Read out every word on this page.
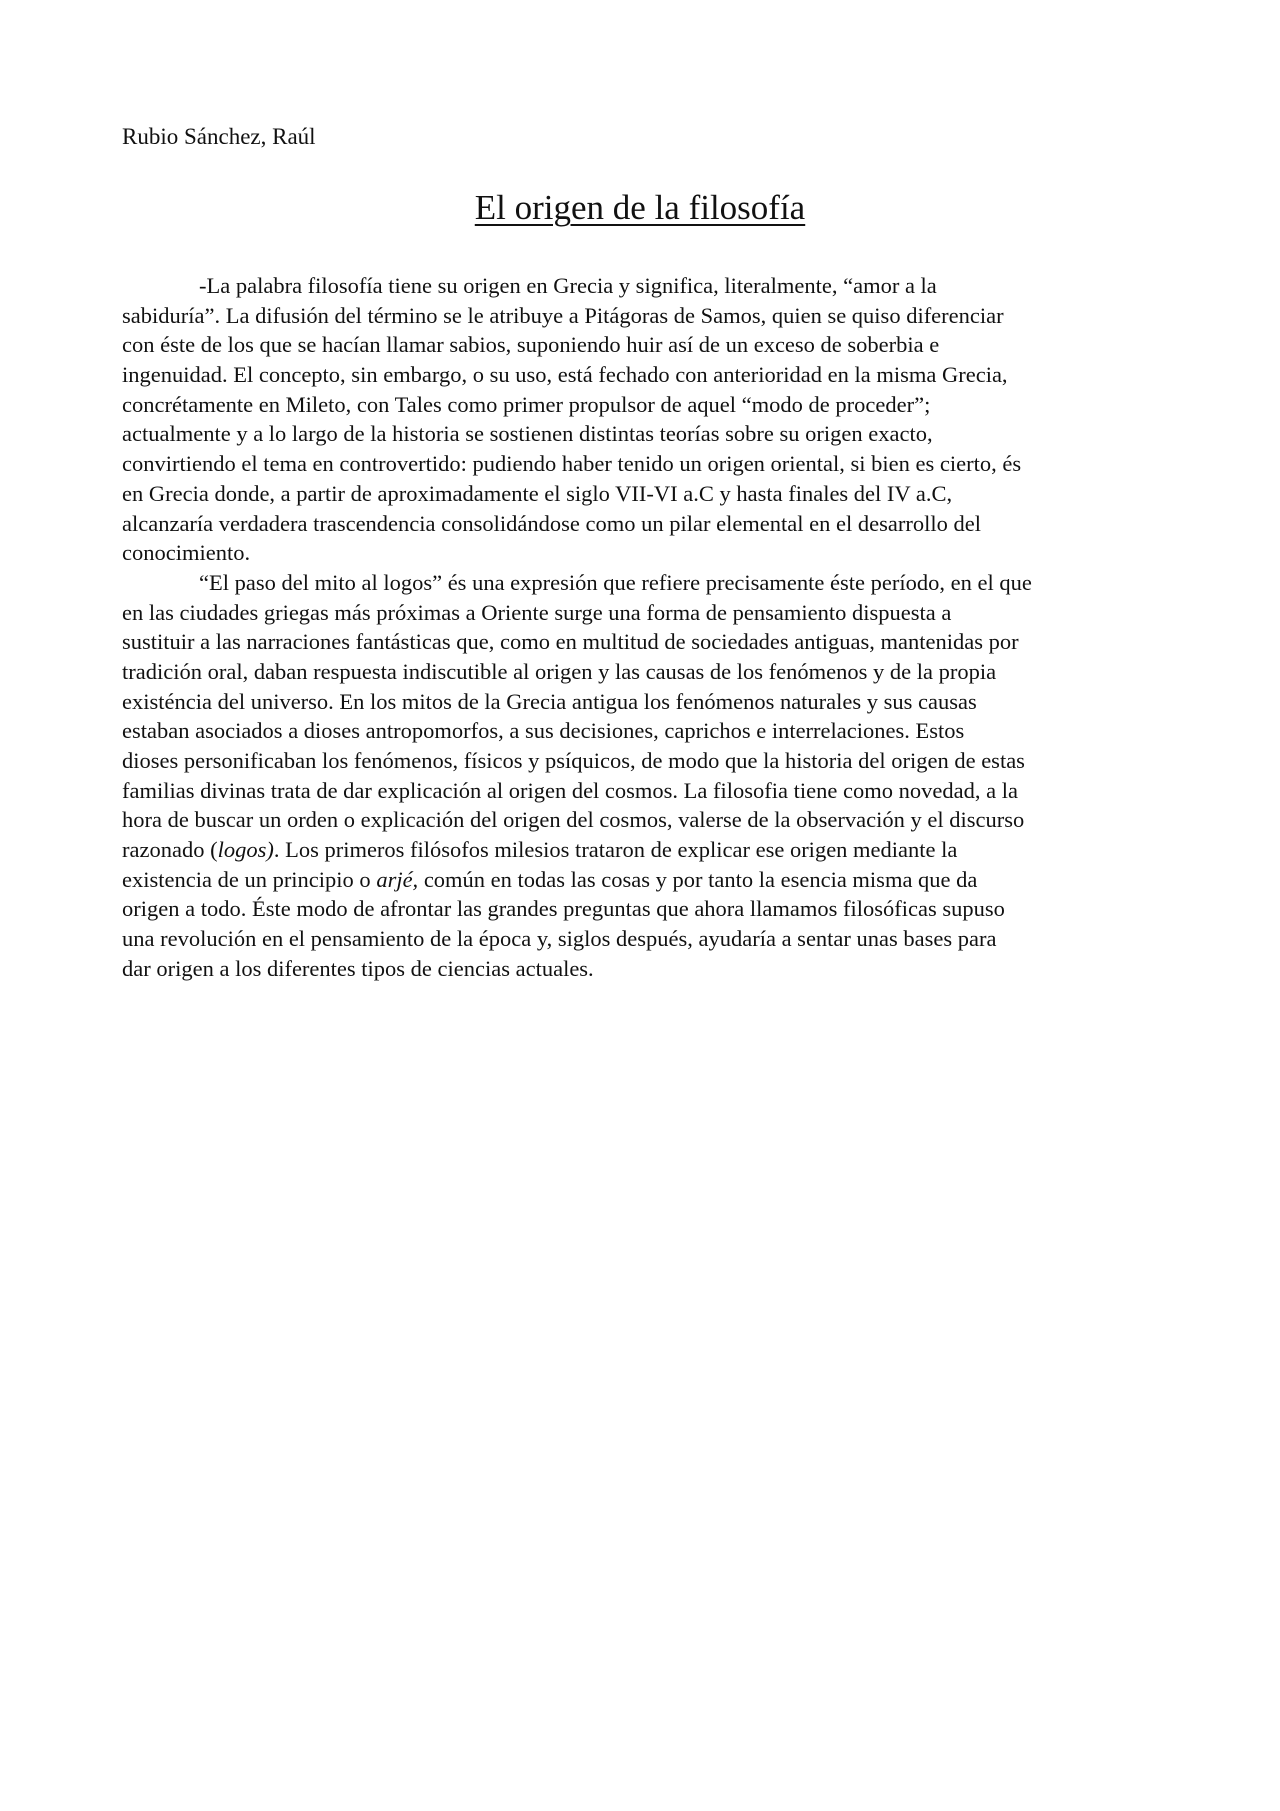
Rubio Sánchez, Raúl
El origen de la filosofía
-La palabra filosofía tiene su origen en Grecia y significa, literalmente, “amor a la
sabiduría”. La difusión del término se le atribuye a Pitágoras de Samos, quien se quiso diferenciar
con éste de los que se hacían llamar sabios, suponiendo huir así de un exceso de soberbia e
ingenuidad. El concepto, sin embargo, o su uso, está fechado con anterioridad en la misma Grecia,
concrétamente en Mileto, con Tales como primer propulsor de aquel “modo de proceder”;
actualmente y a lo largo de la historia se sostienen distintas teorías sobre su origen exacto,
convirtiendo el tema en controvertido: pudiendo haber tenido un origen oriental, si bien es cierto, és
en Grecia donde, a partir de aproximadamente el siglo VII-VI a.C y hasta finales del IV a.C,
alcanzaría verdadera trascendencia consolidándose como un pilar elemental en el desarrollo del
conocimiento.
“El paso del mito al logos” és una expresión que refiere precisamente éste período, en el que
en las ciudades griegas más próximas a Oriente surge una forma de pensamiento dispuesta a
sustituir a las narraciones fantásticas que, como en multitud de sociedades antiguas, mantenidas por
tradición oral, daban respuesta indiscutible al origen y las causas de los fenómenos y de la propia
existéncia del universo. En los mitos de la Grecia antigua los fenómenos naturales y sus causas
estaban asociados a dioses antropomorfos, a sus decisiones, caprichos e interrelaciones. Estos
dioses personificaban los fenómenos, físicos y psíquicos, de modo que la historia del origen de estas
familias divinas trata de dar explicación al origen del cosmos. La filosofia tiene como novedad, a la
hora de buscar un orden o explicación del origen del cosmos, valerse de la observación y el discurso
razonado (logos). Los primeros filósofos milesios trataron de explicar ese origen mediante la
existencia de un principio o arjé, común en todas las cosas y por tanto la esencia misma que da
origen a todo. Éste modo de afrontar las grandes preguntas que ahora llamamos filosóficas supuso
una revolución en el pensamiento de la época y, siglos después, ayudaría a sentar unas bases para
dar origen a los diferentes tipos de ciencias actuales.
